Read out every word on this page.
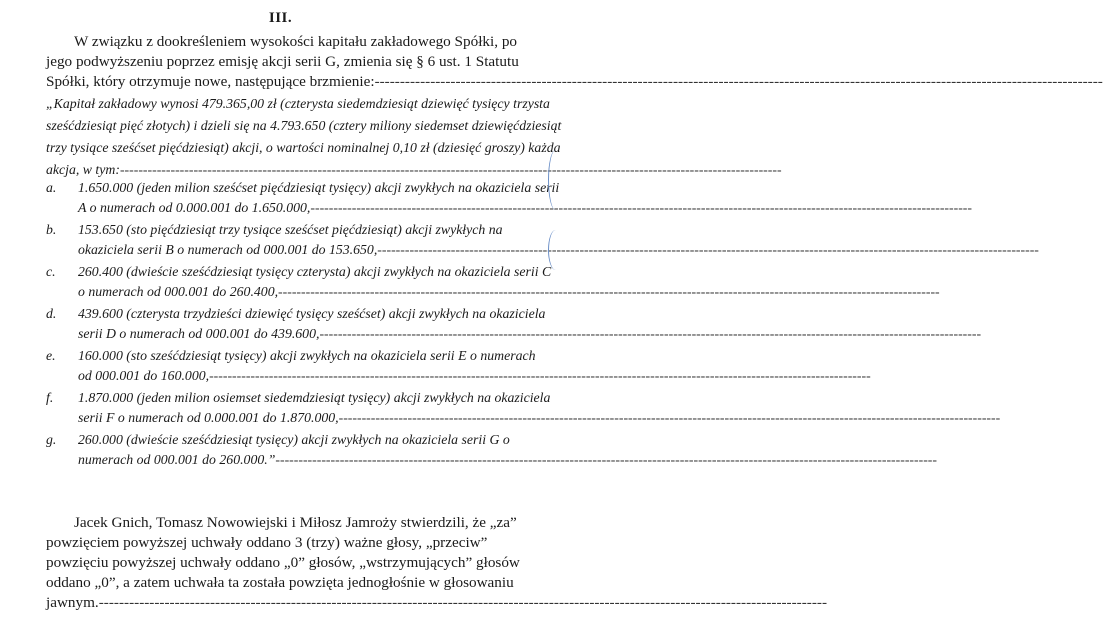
III.
W związku z dookreśleniem wysokości kapitału zakładowego Spółki, po
jego podwyższeniu poprzez emisję akcji serii G, zmienia się § 6 ust. 1 Statutu
Spółki, który otrzymuje nowe, następujące brzmienie:------------------------------------------------------------------------------------------------------------------------------------------------
„Kapitał zakładowy wynosi 479.365,00 zł (czterysta siedemdziesiąt dziewięć tysięcy trzysta
sześćdziesiąt pięć złotych) i dzieli się na 4.793.650 (cztery miliony siedemset dziewięćdziesiąt
trzy tysiące sześćset pięćdziesiąt) akcji, o wartości nominalnej 0,10 zł (dziesięć groszy) każda
akcja, w tym:------------------------------------------------------------------------------------------------------------------------------------------------
a. 1.650.000 (jeden milion sześćset pięćdziesiąt tysięcy) akcji zwykłych na okaziciela serii
A o numerach od 0.000.001 do 1.650.000,------------------------------------------------------------------------------------------------------------------------------------------------
b. 153.650 (sto pięćdziesiąt trzy tysiące sześćset pięćdziesiąt) akcji zwykłych na
okaziciela serii B o numerach od 000.001 do 153.650,------------------------------------------------------------------------------------------------------------------------------------------------
c. 260.400 (dwieście sześćdziesiąt tysięcy czterysta) akcji zwykłych na okaziciela serii C
o numerach od 000.001 do 260.400,------------------------------------------------------------------------------------------------------------------------------------------------
d. 439.600 (czterysta trzydzieści dziewięć tysięcy sześćset) akcji zwykłych na okaziciela
serii D o numerach od 000.001 do 439.600,------------------------------------------------------------------------------------------------------------------------------------------------
e. 160.000 (sto sześćdziesiąt tysięcy) akcji zwykłych na okaziciela serii E o numerach
od 000.001 do 160.000,------------------------------------------------------------------------------------------------------------------------------------------------
f. 1.870.000 (jeden milion osiemset siedemdziesiąt tysięcy) akcji zwykłych na okaziciela
serii F o numerach od 0.000.001 do 1.870.000,------------------------------------------------------------------------------------------------------------------------------------------------
g. 260.000 (dwieście sześćdziesiąt tysięcy) akcji zwykłych na okaziciela serii G o
numerach od 000.001 do 260.000.”------------------------------------------------------------------------------------------------------------------------------------------------
Jacek Gnich, Tomasz Nowowiejski i Miłosz Jamroży stwierdzili, że „za”
powzięciem powyższej uchwały oddano 3 (trzy) ważne głosy, „przeciw”
powzięciu powyższej uchwały oddano „0” głosów, „wstrzymujących” głosów
oddano „0”, a zatem uchwała ta została powzięta jednogłośnie w głosowaniu
jawnym.------------------------------------------------------------------------------------------------------------------------------------------------
